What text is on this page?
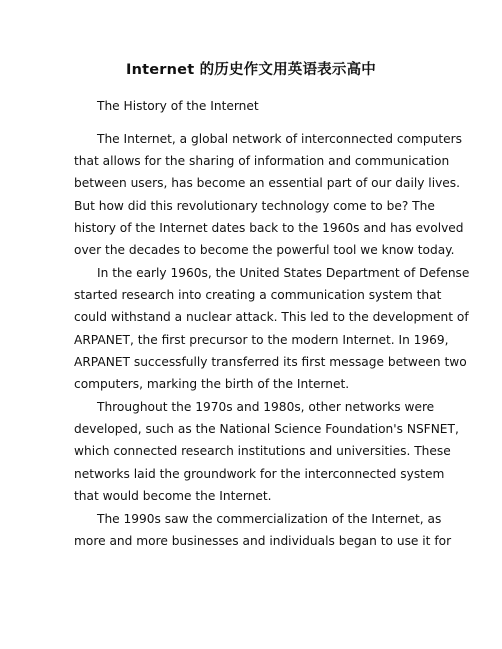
Internet 的历史作文用英语表示高中

The History of the Internet

The Internet, a global network of interconnected computers
that allows for the sharing of information and communication
between users, has become an essential part of our daily lives.
But how did this revolutionary technology come to be? The
history of the Internet dates back to the 1960s and has evolved
over the decades to become the powerful tool we know today.
In the early 1960s, the United States Department of Defense
started research into creating a communication system that
could withstand a nuclear attack. This led to the development of
ARPANET, the first precursor to the modern Internet. In 1969,
ARPANET successfully transferred its first message between two
computers, marking the birth of the Internet.
Throughout the 1970s and 1980s, other networks were
developed, such as the National Science Foundation's NSFNET,
which connected research institutions and universities. These
networks laid the groundwork for the interconnected system
that would become the Internet.
The 1990s saw the commercialization of the Internet, as
more and more businesses and individuals began to use it for
